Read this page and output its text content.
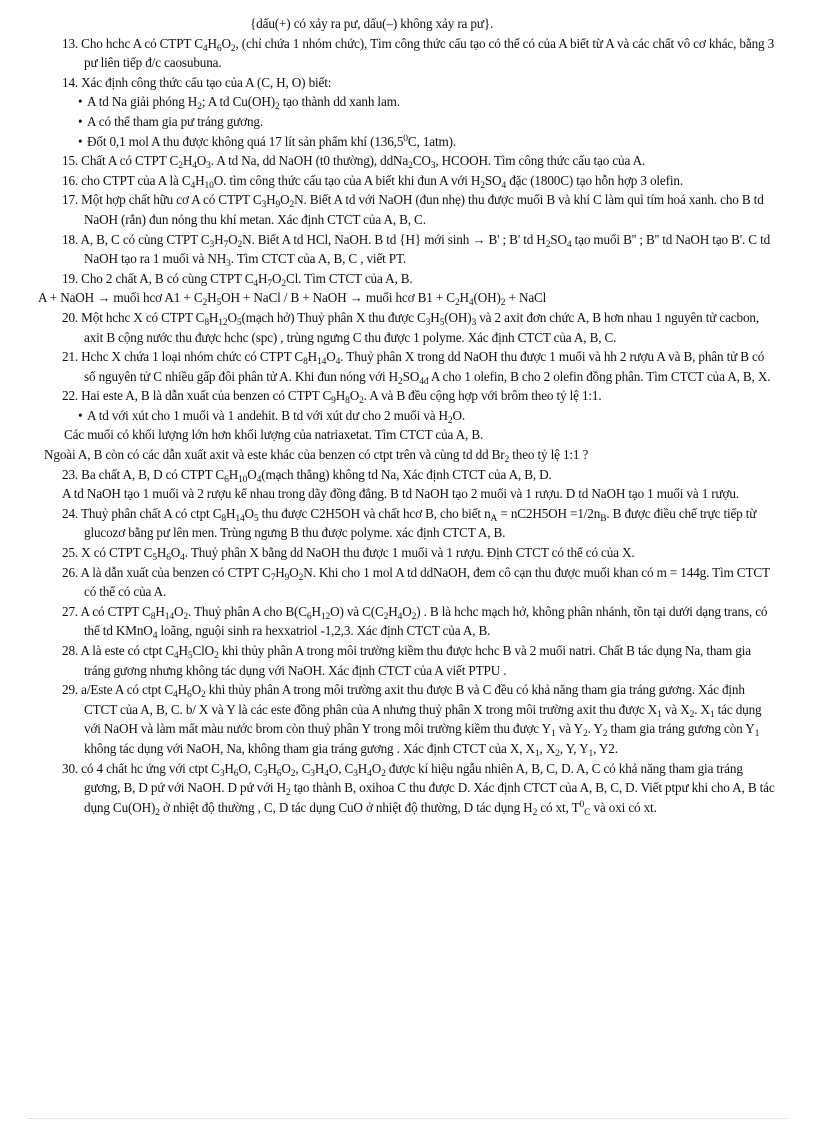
{dấu(+) có xảy ra pư, dấu(–) không xảy ra pư}.

13. Cho hchc A có CTPT $C_4H_6O_2$, (chỉ chứa 1 nhóm chức), Tìm công thức cấu tạo có thể có của A biết từ A và các chất vô cơ khác, bằng 3 pư liên tiếp đ/c caosubuna.

14. Xác định công thức cấu tạo của A (C, H, O) biết:

• A td Na giải phóng $H_2$; A td $Cu(OH)_2$ tạo thành dd xanh lam.

• A có thể tham gia pư tráng gương.

• Đốt 0,1 mol A thu được không quá 17 lít sản phẩm khí (136,5$^0$C, 1atm).

15. Chất A có CTPT $C_2H_4O_3$. A td Na, dd NaOH (t0 thường), $ddNa_2CO_3$, HCOOH. Tìm công thức cấu tạo của A.

16. cho CTPT của A là $C_4H_{10}O$. tìm công thức cấu tạo của A biết khi đun A với $H_2SO_4$ đặc (1800C) tạo hỗn hợp 3 olefin.

17. Một hợp chất hữu cơ A có CTPT $C_3H_9O_2N$. Biết A td với NaOH (đun nhẹ) thu được muối B và khí C làm quì tím hoá xanh. cho B td NaOH (rắn) đun nóng thu khí metan. Xác định CTCT của A, B, C.

18. A, B, C có cùng CTPT $C_3H_7O_2N$. Biết A td HCl, NaOH. B td {H} mới sinh → B' ; B' td $H_2SO_4$ tạo muối B'' ; B'' td NaOH tạo B'. C td NaOH tạo ra 1 muối và $NH_3$. Tìm CTCT của A, B, C , viết PT.

19. Cho 2 chất A, B có cùng CTPT $C_4H_7O_2Cl$. Tìm CTCT của A, B.

A + NaOH → muối hcơ $A1 + C_2H_5OH$ + NaCl / B + NaOH → muối hcơ $B1 + C_2H_4(OH)_2$ + NaCl

20. Một hchc X có CTPT $C_8H_{12}O_5(mạch$ hở) Thuỷ phân X thu được $C_3H_5(OH)_3$ và 2 axit đơn chức A, B hơn nhau 1 nguyên tử cacbon, axit B cộng nước thu được hchc (spc) , trùng ngưng C thu được 1 polyme. Xác định CTCT của A, B, C.

21. Hchc X chứa 1 loại nhóm chức có CTPT $C_8H_{14}O_4$. Thuỷ phân X trong dd NaOH thu được 1 muối và hh 2 rượu A và B, phân tử B có số nguyên tử C nhiều gấp đôi phân tử A. Khi đun nóng với $H_2SO_{4đ}$ A cho 1 olefin, B cho 2 olefin đồng phân. Tìm CTCT của A, B, X.

22. Hai este A, B là dẫn xuất của benzen có CTPT $C_9H_8O_2$. A và B đều cộng hợp với brôm theo tỷ lệ 1:1.

• A td với xút cho 1 muối và 1 andehit. B td với xút dư cho 2 muối và $H_2O$.

Các muối có khối lượng lớn hơn khối lượng của natriaxetat. Tìm CTCT của A, B.

Ngoài A, B còn có các dẫn xuất axit và este khác của benzen có ctpt trên và cùng td dd $Br_2$ theo tỷ lệ 1:1 ?

23. Ba chất A, B, D có CTPT $C_6H_{10}O_4(mạch$ thẳng) không td Na, Xác định CTCT của A, B, D.

A td NaOH tạo 1 muối và 2 rượu kế nhau trong dãy đồng đẳng. B td NaOH tạo 2 muối và 1 rượu. D td NaOH tạo 1 muối và 1 rượu.

24. Thuỷ phân chất A có ctpt $C_8H_{14}O_5$ thu được C2H5OH và chất hcơ B, cho biết $n_A = nC2H5OH =1/2n_B$. B được điều chế trực tiếp từ glucozơ bằng pư lên men. Trùng ngưng B thu được polyme. xác định CTCT A, B.

25. X có CTPT $C_5H_6O_4$. Thuỷ phân X bằng dd NaOH thu được 1 muối và 1 rượu. Định CTCT có thể có của X.

26. A là dẫn xuất của benzen có CTPT $C_7H_9O_2N$. Khi cho 1 mol A td ddNaOH, đem cô cạn thu được muối khan có m = 144g. Tìm CTCT có thể có của A.

27. A có CTPT $C_8H_{14}O_2$. Thuỷ phân A cho $B(C_6H_{12}O)$ và $C(C_2H_4O_2)$ . B là hchc mạch hở, không phân nhánh, tồn tại dưới dạng trans, có thể td KMnO$_4$ loãng, nguội sinh ra hexxatriol -1,2,3. Xác định CTCT của A, B.

28. A là este có ctpt $C_4H_5ClO_2$ khi thủy phân A trong môi trường kiềm thu được hchc B và 2 muối natri. Chất B tác dụng Na, tham gia tráng gương nhưng không tác dụng với NaOH. Xác định CTCT của A viết PTPU .

29. a/Este A có ctpt $C_4H_6O_2$ khi thủy phân A trong môi trường axit thu được B và C đều có khả năng tham gia tráng gương. Xác định CTCT của A, B, C. b/ X và Y là các este đồng phân của A nhưng thuỷ phân X trong môi trường axit thu được $X_1$ và $X_2$. $X_1$ tác dụng với NaOH và làm mất màu nước brom còn thuỷ phân Y trong môi trường kiềm thu được $Y_1$ và $Y_2$. $Y_2$ tham gia tráng gương còn $Y_1$ không tác dụng với NaOH, Na, không tham gia tráng gương . Xác định CTCT của X, $X_1$, $X_2$, Y, $Y_1$, Y2.

30. có 4 chất hc ứng với ctpt $C_3H_6O$, $C_3H_6O_2$, $C_3H_4O$, $C_3H_4O_2$ được kí hiệu ngẫu nhiên A, B, C, D. A, C có khả năng tham gia tráng gương, B, D pứ với NaOH. D pứ với $H_2$ tạo thành B, oxihoa C thu được D. Xác định CTCT của A, B, C, D. Viết ptpư khi cho A, B tác dụng $Cu(OH)_2$ ở nhiệt độ thường , C, D tác dụng CuO ở nhiệt độ thường, D tác dụng $H_2$ có xt, $T^0_C$ và oxi có xt.
